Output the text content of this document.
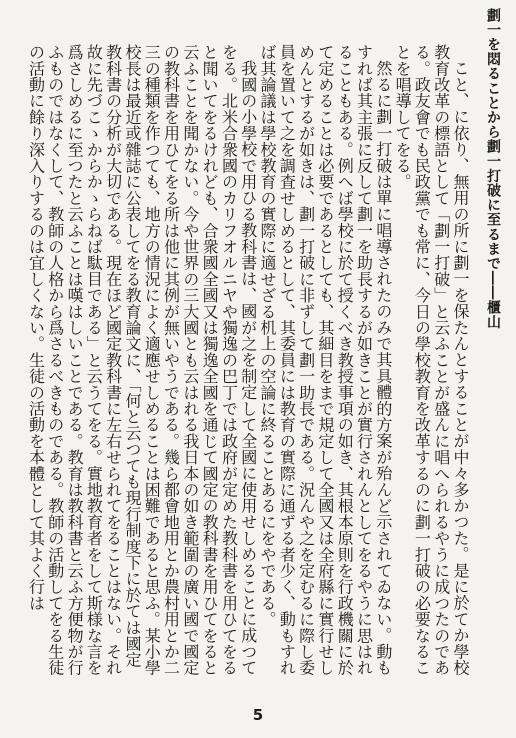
劃一を悶ることから劃一打破に至るまで――櫃山

こと、に依り、無用の所に劃一を保たんとすることが中々多かつた。是に於てか學校教育改革の標語として「劃一打破」と云ふことが盛んに唱へられるやうに成つたのである。政友會でも民政黨でも常に、今日の學校教育を改革するのに劃一打破の必要なることを唱導してをる。

然るに劃一打破は單に唱導されたのみで其具體的方案が殆んど示されてゐない。動もすれば其主張に反して劃一を助長するが如きことが實行されんとしてをるやうに思はれることもある。例へば學校に於て授くべき教授事項の如き、其根本原則を行政機關に於て定めることは必要であるとしても、其細目をまで規定して全國又は全府縣に實行せしめんとするが如きは、劃一打破に非ずして劃一助長である。況んや之を定むるに際し委員を置いて之を調査せしめるとして、其委員には教育の實際に通ずる者少く、動もすれば其論議は學校教育の實際に適せざる机上の空論に終ることあるにをやである。

我國の小學校で用ひる教科書は、國が之を制定して全國に使用せしめることに成つてをる。北米合衆國のカリフオルニヤや獨逸の巴丁では政府が定めた教科書を用ひてをると聞いてをるけれども、合衆國全國又は獨逸全國を通じて國定の教科書を用ひてをると云ふことを聞かない。今や世界の三大國とも云はれる我日本の如き範圍の廣い國で國定の教科書を用ひてをる所は他に其例が無いやうである。幾ら都會地用とか農村用とか二三の種類を作つても、地方の情況によく適應せしめることは困難であると思ふ。某小學校長は最近或雜誌に公表してをる教育論文に、「何と云つても現行制度下に於ては國定教科書の分析が大切である。現在ほど國定教科書に左右せられてをることはない。それ故に先づこゝからかゝらねば駄目である」と云うてをる。實地教育者をして斯様な言を爲さしめるに至つたと云ふことは嘆はしいことである。教育は教科書と云ふ方便物が行ふものではなくして、教師の人格から爲さるべきものである。教師の活動してをる生徒の活動に餘り深入りするのは宜しくない。生徒の活動を本體として其よく行は

5
